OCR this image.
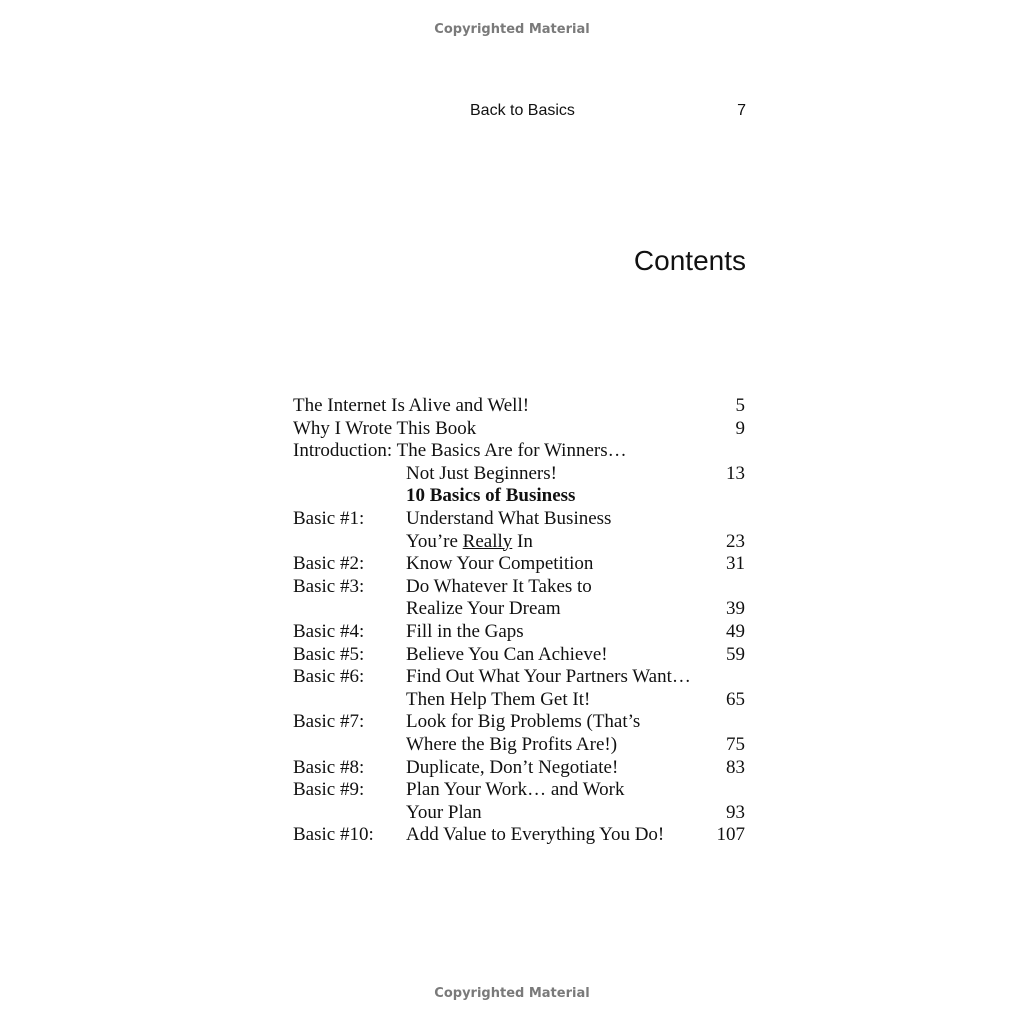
Copyrighted Material
Back to Basics	7
Contents
The Internet Is Alive and Well!	5
Why I Wrote This Book	9
Introduction: The Basics Are for Winners…
Not Just Beginners!	13
10 Basics of Business
Basic #1: Understand What Business
You’re Really In	23
Basic #2: Know Your Competition	31
Basic #3: Do Whatever It Takes to
Realize Your Dream	39
Basic #4: Fill in the Gaps	49
Basic #5: Believe You Can Achieve!	59
Basic #6: Find Out What Your Partners Want…
Then Help Them Get It!	65
Basic #7: Look for Big Problems (That’s
Where the Big Profits Are!)	75
Basic #8: Duplicate, Don’t Negotiate!	83
Basic #9: Plan Your Work… and Work
Your Plan	93
Basic #10: Add Value to Everything You Do!	107
Copyrighted Material
